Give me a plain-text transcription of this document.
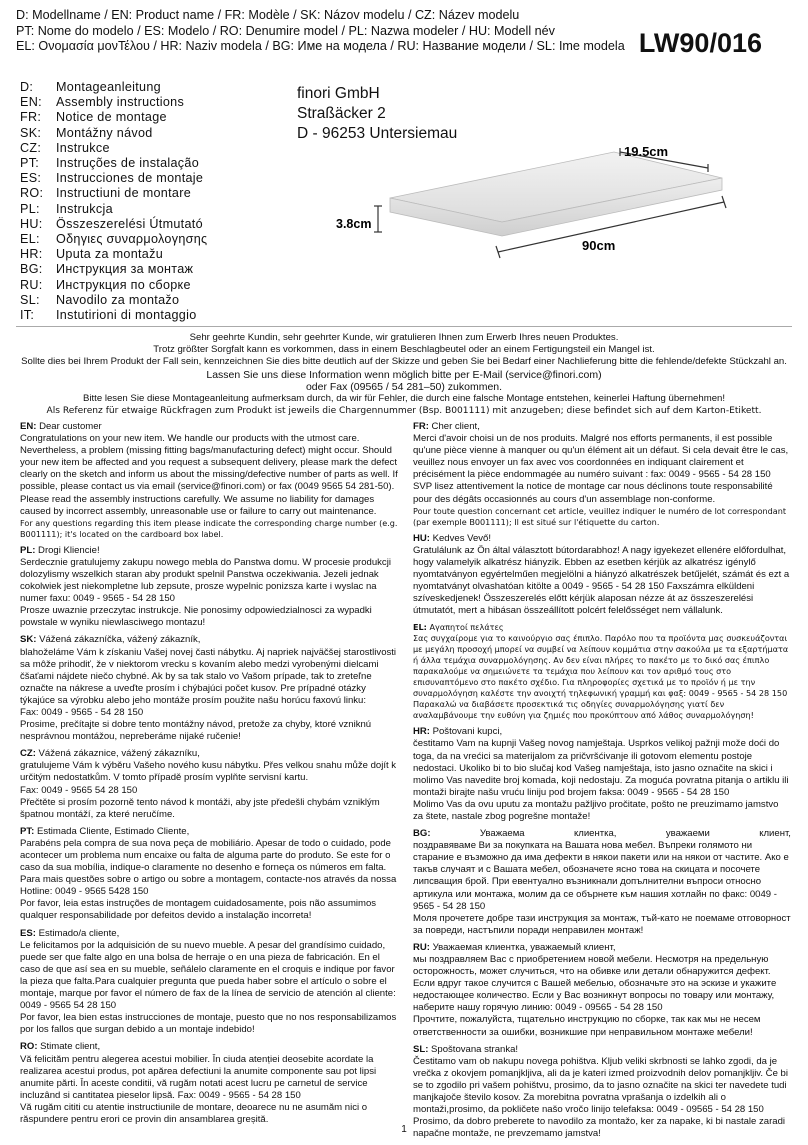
D: Modellname / EN: Product name / FR: Modèle / SK: Názov modelu / CZ: Název modelu
PT: Nome do modelo / ES: Modelo / RO: Denumire model / PL: Nazwa modeler / HU: Modell név
EL: Ονομασία μονΤέλου / HR: Naziv modela / BG: Име на модела / RU: Название модели / SL: Ime modela LW90/016
D: Montageanleitung
EN: Assembly instructions
FR: Notice de montage
SK: Montážny návod
CZ: Instrukce
PT: Instruções de instalação
ES: Instrucciones de montaje
RO: Instructiuni de montare
PL: Instrukcja
HU: Összeszerelési Útmutató
EL: Οδηγιες συναρμολογησης
HR: Uputa za montažu
BG: Инструкция за монтаж
RU: Инструкция по сборке
SL: Navodilo za montažo
IT: Instutirioni di montaggio
finori GmbH
Straßäcker 2
D - 96253 Untersiemau
19.5cm
3.8cm
90cm
Sehr geehrte Kundin, sehr geehrter Kunde, wir gratulieren Ihnen zum Erwerb Ihres neuen Produktes.
Trotz größter Sorgfalt kann es vorkommen, dass in einem Beschlagbeutel oder an einem Fertigungsteil ein Mangel ist.
Sollte dies bei Ihrem Produkt der Fall sein, kennzeichnen Sie dies bitte deutlich auf der Skizze und geben Sie bei Bedarf einer Nachlieferung bitte die fehlende/defekte Stückzahl an.
Lassen Sie uns diese Information wenn möglich bitte per E-Mail (service@finori.com)
oder Fax (09565 / 54 281–50) zukommen.
Bitte lesen Sie diese Montageanleitung aufmerksam durch, da wir für Fehler, die durch eine falsche Montage entstehen, keinerlei Haftung übernehmen!
Als Referenz für etwaige Rückfragen zum Produkt ist jeweils die Chargennummer (Bsp. B001111) mit anzugeben; diese befindet sich auf dem Karton-Etikett.

EN: Dear customer

Congratulations on your new item. We handle our products with the utmost care. Nevertheless, a problem (missing fitting bags/manufacturing defect) might occur. Should your new item be affected and you request a subsequent delivery, please mark the defect clearly on the sketch and inform us about the missing/defective number of parts as well. If possible, please contact us via email (service@finori.com) or fax (0049 9565 54 281-50). Please read the assembly instructions carefully. We assume no liability for damages caused by incorrect assembly, unreasonable use or failure to carry out maintenance.

For any questions regarding this item please indicate the corresponding charge number (e.g. B001111); it's located on the cardboard box label.

PL: Drogi Kliencie!

Serdecznie gratulujemy zakupu nowego mebla do Panstwa domu. W procesie produkcji dolozylismy wszelkich staran aby produkt spelnil Panstwa oczekiwania. Jezeli jednak cokolwiek jest niekompletne lub zepsute, prosze wypelnic ponizsza karte i wyslac na numer faxu: 0049 - 9565 - 54 28 150

Prosze uwaznie przeczytac instrukcje. Nie ponosimy odpowiedzialnosci za wypadki powstale w wyniku niewlasciwego montazu!

SK: Vážená zákazníčka, vážený zákazník,

blahoželáme Vám k získaniu Vašej novej časti nábytku. Aj napriek najväčšej starostlivosti sa môže prihodiť, že v niektorom vrecku s kovaním alebo medzi vyrobenými dielcami čšaťami nájdete niečo chybné. Ak by sa tak stalo vo Vašom prípade, tak to zreteľne označte na nákrese a uveďte prosím i chýbajúci počet kusov. Pre prípadné otázky týkajúce sa výrobku alebo jeho montáže prosím použite našu horúcu faxovú linku:

Fax: 0049 - 9565 - 54 28 150

Prosime, prečítajte si dobre tento montážny návod, pretože za chyby, ktoré vzniknú nesprávnou montážou, nepreberáme nijaké ručenie!

CZ: Vážená zákaznice, vážený zákazníku,

gratulujeme Vám k výběru Vašeho nového kusu nábytku. Přes velkou snahu může dojít k určitým nedostatkům. V tomto případě prosím vyplňte servisní kartu.

Fax: 0049 - 9565 54 28 150

Přečtěte si prosím pozorně tento návod k montáži, aby jste předešli chybám vzniklým špatnou montáží, za které neručíme.

PT: Estimada Cliente, Estimado Cliente,

Parabéns pela compra de sua nova peça de mobiliário. Apesar de todo o cuidado, pode acontecer um problema num encaixe ou falta de alguma parte do produto. Se este for o caso da sua mobília, indique-o claramente no desenho e forneça os números em falta. Para mais questões sobre o artigo ou sobre a montagem, contacte-nos através da nossa Hotline: 0049 - 9565 5428 150

Por favor, leia estas instruções de montagem cuidadosamente, pois não assumimos qualquer responsabilidade por defeitos devido a instalação incorreta!

ES: Estimado/a cliente,

Le felicitamos por la adquisición de su nuevo mueble. A pesar del grandísimo cuidado, puede ser que falte algo en una bolsa de herraje o en una pieza de fabricación. En el caso de que así sea en su mueble, señálelo claramente en el croquis e indique por favor la pieza que falta.Para cualquier pregunta que pueda haber sobre el artículo o sobre el montaje, marque por favor el número de fax de la línea de servicio de atención al cliente: 0049 - 9565 54 28 150

Por favor, lea bien estas instrucciones de montaje, puesto que no nos responsabilizamos por los fallos que surgan debido a un montaje indebido!

RO: Stimate client,

Vă felicităm pentru alegerea acestui mobilier. În ciuda atenției deosebite acordate la realizarea acestui produs, pot apărea defectiuni la anumite componente sau pot lipsi anumite părti. În aceste conditii, vă rugăm notati acest lucru pe carnetul de service incluzând si cantitatea pieselor lipsă. Fax: 0049 - 9565 - 54 28 150

Vă rugăm cititi cu atentie instructiunile de montare, deoarece nu ne asumăm nici o răspundere pentru erori ce provin din ansamblarea greșită.

FR: Cher client,

Merci d'avoir choisi un de nos produits. Malgré nos efforts permanents, il est possible qu'une pièce vienne à manquer ou qu'un élément ait un défaut. Si cela devait être le cas, veuillez nous envoyer un fax avec vos coordonnées en indiquant clairement et précisément la pièce endommagée au numéro suivant : fax: 0049 - 9565 - 54 28 150

SVP lisez attentivement la notice de montage car nous déclinons toute responsabilité pour des dégâts occasionnés au cours d'un assemblage non-conforme.

Pour toute question concernant cet article, veuillez indiquer le numéro de lot correspondant (par exemple B001111); Il est situé sur l'étiquette du carton.

HU: Kedves Vevő!

Gratulálunk az Ön által választott bútordarabhoz! A nagy igyekezet ellenére előfordulhat, hogy valamelyik alkatrész hiányzik. Ebben az esetben kérjük az alkatrész igénylő nyomtatványon egyértelműen megjelölni a hiányzó alkatrészek betűjelét, számát és ezt a nyomtatványt olvashatóan kitölte a 0049 - 9565 - 54 28 150 Faxszámra elküldeni szíveskedjenek! Összeszerelés előtt kérjük alaposan nézze át az összeszerelési útmutatót, mert a hibásan összeállított polcért felelősséget nem vállalunk.

EL: Αγαπητοί πελάτες

Σας συγχαίρομε για το καινούργιο σας έπιπλο. Παρόλο που τα προϊόντα μας συσκευάζονται με μεγάλη προσοχή μπορεί να συμβεί να λείπουν κομμάτια στην σακούλα με τα εξαρτήματα ή άλλα τεμάχια συναρμολόγησης. Αν δεν είναι πλήρες το πακέτο με το δικό σας έπιπλο παρακαλούμε να σημειώνετε τα τεμάχια που λείπουν και τον αριθμό τους στο επισυναπτόμενο στο πακέτο σχέδιο. Για πληροφορίες σχετικά με το προϊόν ή με την συναρμολόγηση καλέστε την ανοιχτή τηλεφωνική γραμμή και φαξ: 0049 - 9565 - 54 28 150

Παρακαλώ να διαβάσετε προσεκτικά τις οδηγίες συναρμολόγησης γιατί δεν αναλαμβάνουμε την ευθύνη για ζημιές που προκύπτουν από λάθος συναρμολόγηση!

HR: Poštovani kupci,

čestitamo Vam na kupnji Vašeg novog namještaja. Usprkos velikoj pažnji može doći do toga, da na vrećici sa materijalom za pričvršćivanje ili gotovom elementu postoje nedostaci. Ukoliko bi to bio slučaj kod Vašeg namještaja, isto jasno označite na skici i molimo Vas navedite broj komada, koji nedostaju. Za moguća povratna pitanja o artiklu ili montaži birajte našu vruću liniju pod brojem faksa: 0049 - 9565 - 54 28 150

Molimo Vas da ovu uputu za montažu pažljivo pročitate, pošto ne preuzimamo jamstvo za štete, nastale zbog pogrešne montaže!

BG:	Уважаема	клиентка,	уважаеми	клиент,

поздравяваме Ви за покупката на Вашата нова мебел. Въпреки голямото ни старание е възможно да има дефекти в някои пакети или на някои от частите. Ако е такъв случаят и с Вашата мебел, обозначете ясно това на скицата и посочете липсващия брой. При евентуално възникнали допълнителни въпроси относно артикула или монтажа, молим да се обърнете към нашия хотлайн по факс: 0049 - 9565 - 54 28 150

Моля прочетете добре тази инструкция за монтаж, тъй-като не поемаме отговорност за повреди, настъпили поради неправилен монтаж!

RU: Уважаемая клиентка, уважаемый клиент,

мы поздравляем Вас с приобретением новой мебели. Несмотря на предельную осторожность, может случиться, что на обивке или детали обнаружится дефект. Если вдруг такое случится с Вашей мебелью, обозначьте это на эскизе и укажите недостающее количество. Если у Вас возникнут вопросы по товару или монтажу, наберите нашу горячую линию: 0049 - 09565 - 54 28 150

Прочтите, пожалуйста, тщательно инструкцию по сборке, так как мы не несем ответственности за ошибки, возникшие при неправильном монтаже мебели!

SL: Spoštovana stranka!

Čestitamo vam ob nakupu novega pohištva. Kljub veliki skrbnosti se lahko zgodi, da je vrečka z okovjem pomanjkljiva, ali da je kateri izmed proizvodnih delov pomanjkljiv. Če bi se to zgodilo pri vašem pohištvu, prosimo, da to jasno označite na skici ter navedete tudi manjkajoče število kosov. Za morebitna povratna vprašanja o izdelkih ali o montaži,prosimo, da pokličete našo vročo linijo telefaksa: 0049 - 09565 - 54 28 150

Prosimo, da dobro preberete to navodilo za montažo, ker za napake, ki bi nastale zaradi napačne montaže, ne prevzemamo jamstva!

1
